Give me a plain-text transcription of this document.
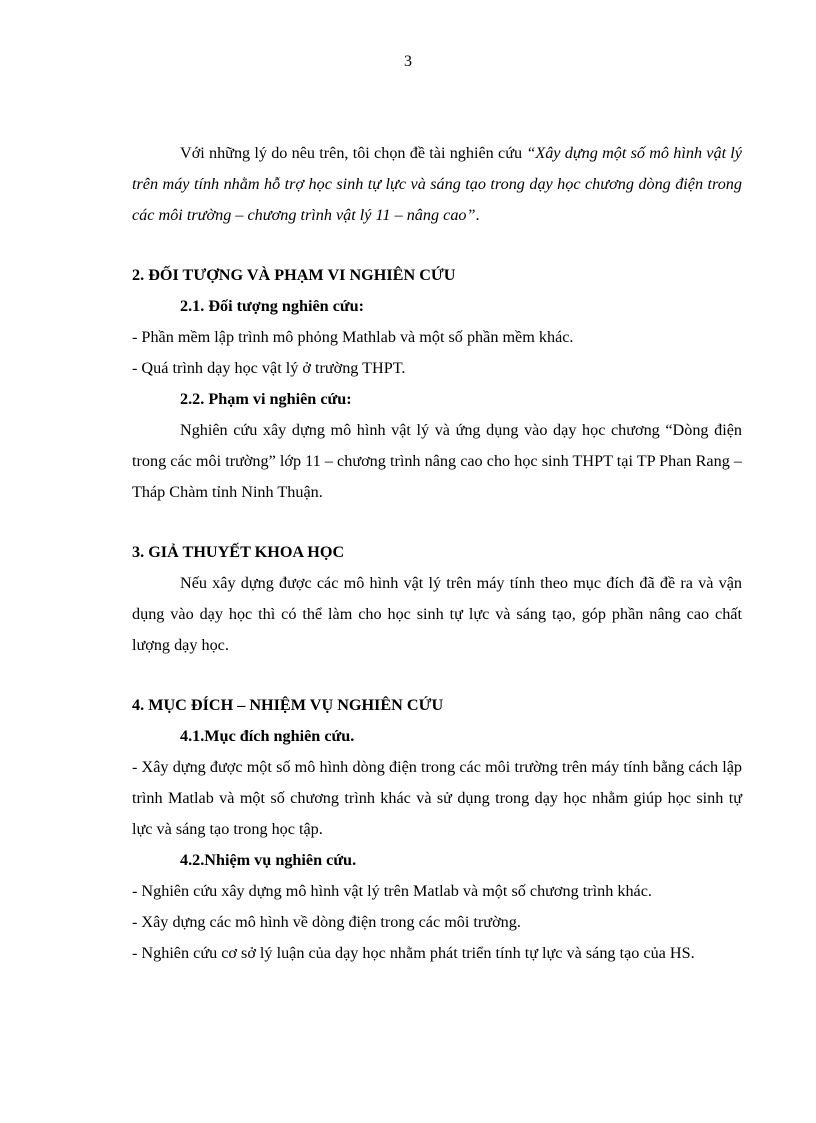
3

Với những lý do nêu trên, tôi chọn đề tài nghiên cứu “Xây dựng một số mô hình vật lý trên máy tính nhằm hỗ trợ học sinh tự lực và sáng tạo trong dạy học chương dòng điện trong các môi trường – chương trình vật lý 11 – nâng cao”.

2. ĐỐI TƯỢNG VÀ PHẠM VI NGHIÊN CỨU

2.1. Đối tượng nghiên cứu:

- Phần mềm lập trình mô phỏng Mathlab và một số phần mềm khác.

- Quá trình dạy học vật lý ở trường THPT.

2.2. Phạm vi nghiên cứu:

Nghiên cứu xây dựng mô hình vật lý và ứng dụng vào dạy học chương “Dòng điện trong các môi trường” lớp 11 – chương trình nâng cao cho học sinh THPT tại TP Phan Rang – Tháp Chàm tỉnh Ninh Thuận.

3. GIẢ THUYẾT KHOA HỌC

Nếu xây dựng được các mô hình vật lý trên máy tính theo mục đích đã đề ra và vận dụng vào dạy học thì có thể làm cho học sinh tự lực và sáng tạo, góp phần nâng cao chất lượng dạy học.

4. MỤC ĐÍCH – NHIỆM VỤ NGHIÊN CỨU

4.1.Mục đích nghiên cứu.

- Xây dựng được một số mô hình dòng điện trong các môi trường trên máy tính bằng cách lập trình Matlab và một số chương trình khác và sử dụng trong dạy học nhằm giúp học sinh tự lực và sáng tạo trong học tập.

4.2.Nhiệm vụ nghiên cứu.

- Nghiên cứu xây dựng mô hình vật lý trên Matlab và một số chương trình khác.

- Xây dựng các mô hình về dòng điện trong các môi trường.

- Nghiên cứu cơ sở lý luận của dạy học nhằm phát triển tính tự lực và sáng tạo của HS.
